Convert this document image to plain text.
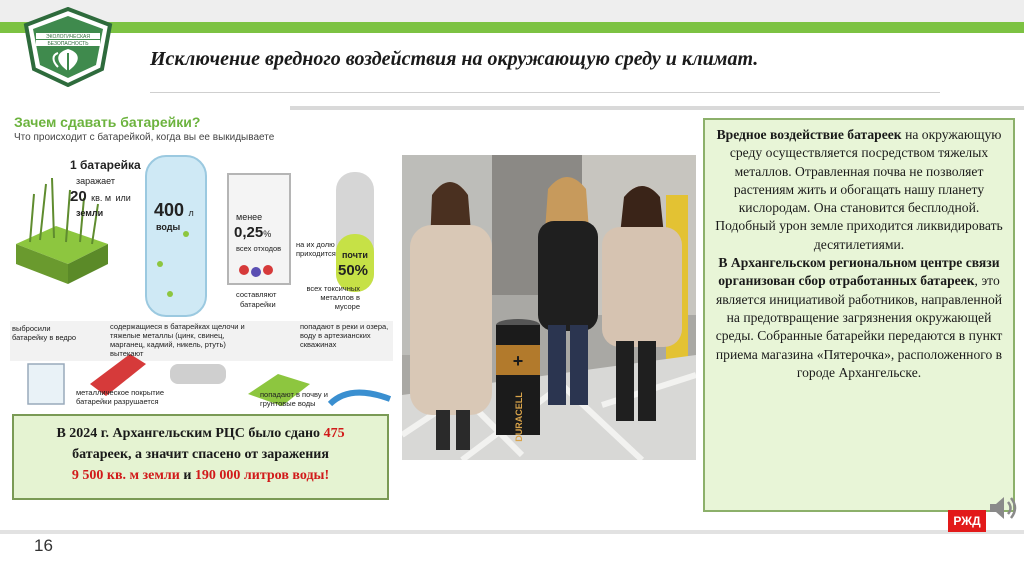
ЭКОЛОГИЧЕСКАЯ
БЕЗОПАСНОСТЬ
Исключение вредного воздействия на окружающую среду и климат.
Зачем сдавать батарейки?
Что происходит с батарейкой, когда вы ее выкидываете
1 батарейка
заражает
20 кв. м или
земли	400 л
воды
менее
0,25%
всех отходов
составляют
батарейки
на их долю приходится почти
50%
всех токсичных металлов в мусоре
выбросили батарейку в ведро
содержащиеся в батарейках щелочи и тяжелые металлы (цинк, свинец, марганец, кадмий, никель, ртуть) вытекают
попадают в реки и озера, воду в артезианских скважинах
металлическое покрытие батарейки разрушается
попадают в почву и грунтовые воды
В 2024 г. Архангельским РЦС было сдано 475
батареек, а значит спасено от заражения
9 500 кв. м земли и 190 000 литров воды!
+
DURACELL
Вредное воздействие батареек на окружающую среду осуществляется посредством тяжелых металлов. Отравленная почва не позволяет растениям жить и обогащать нашу планету кислородам. Она становится бесплодной. Подобный урон земле приходится ликвидировать десятилетиями.
В Архангельском региональном центре связи организован сбор отработанных батареек, это является инициативой работников, направленной на предотвращение загрязнения окружающей среды. Собранные батарейки передаются в пункт приема магазина «Пятерочка», расположенного в городе Архангельске.
16
РЖД
